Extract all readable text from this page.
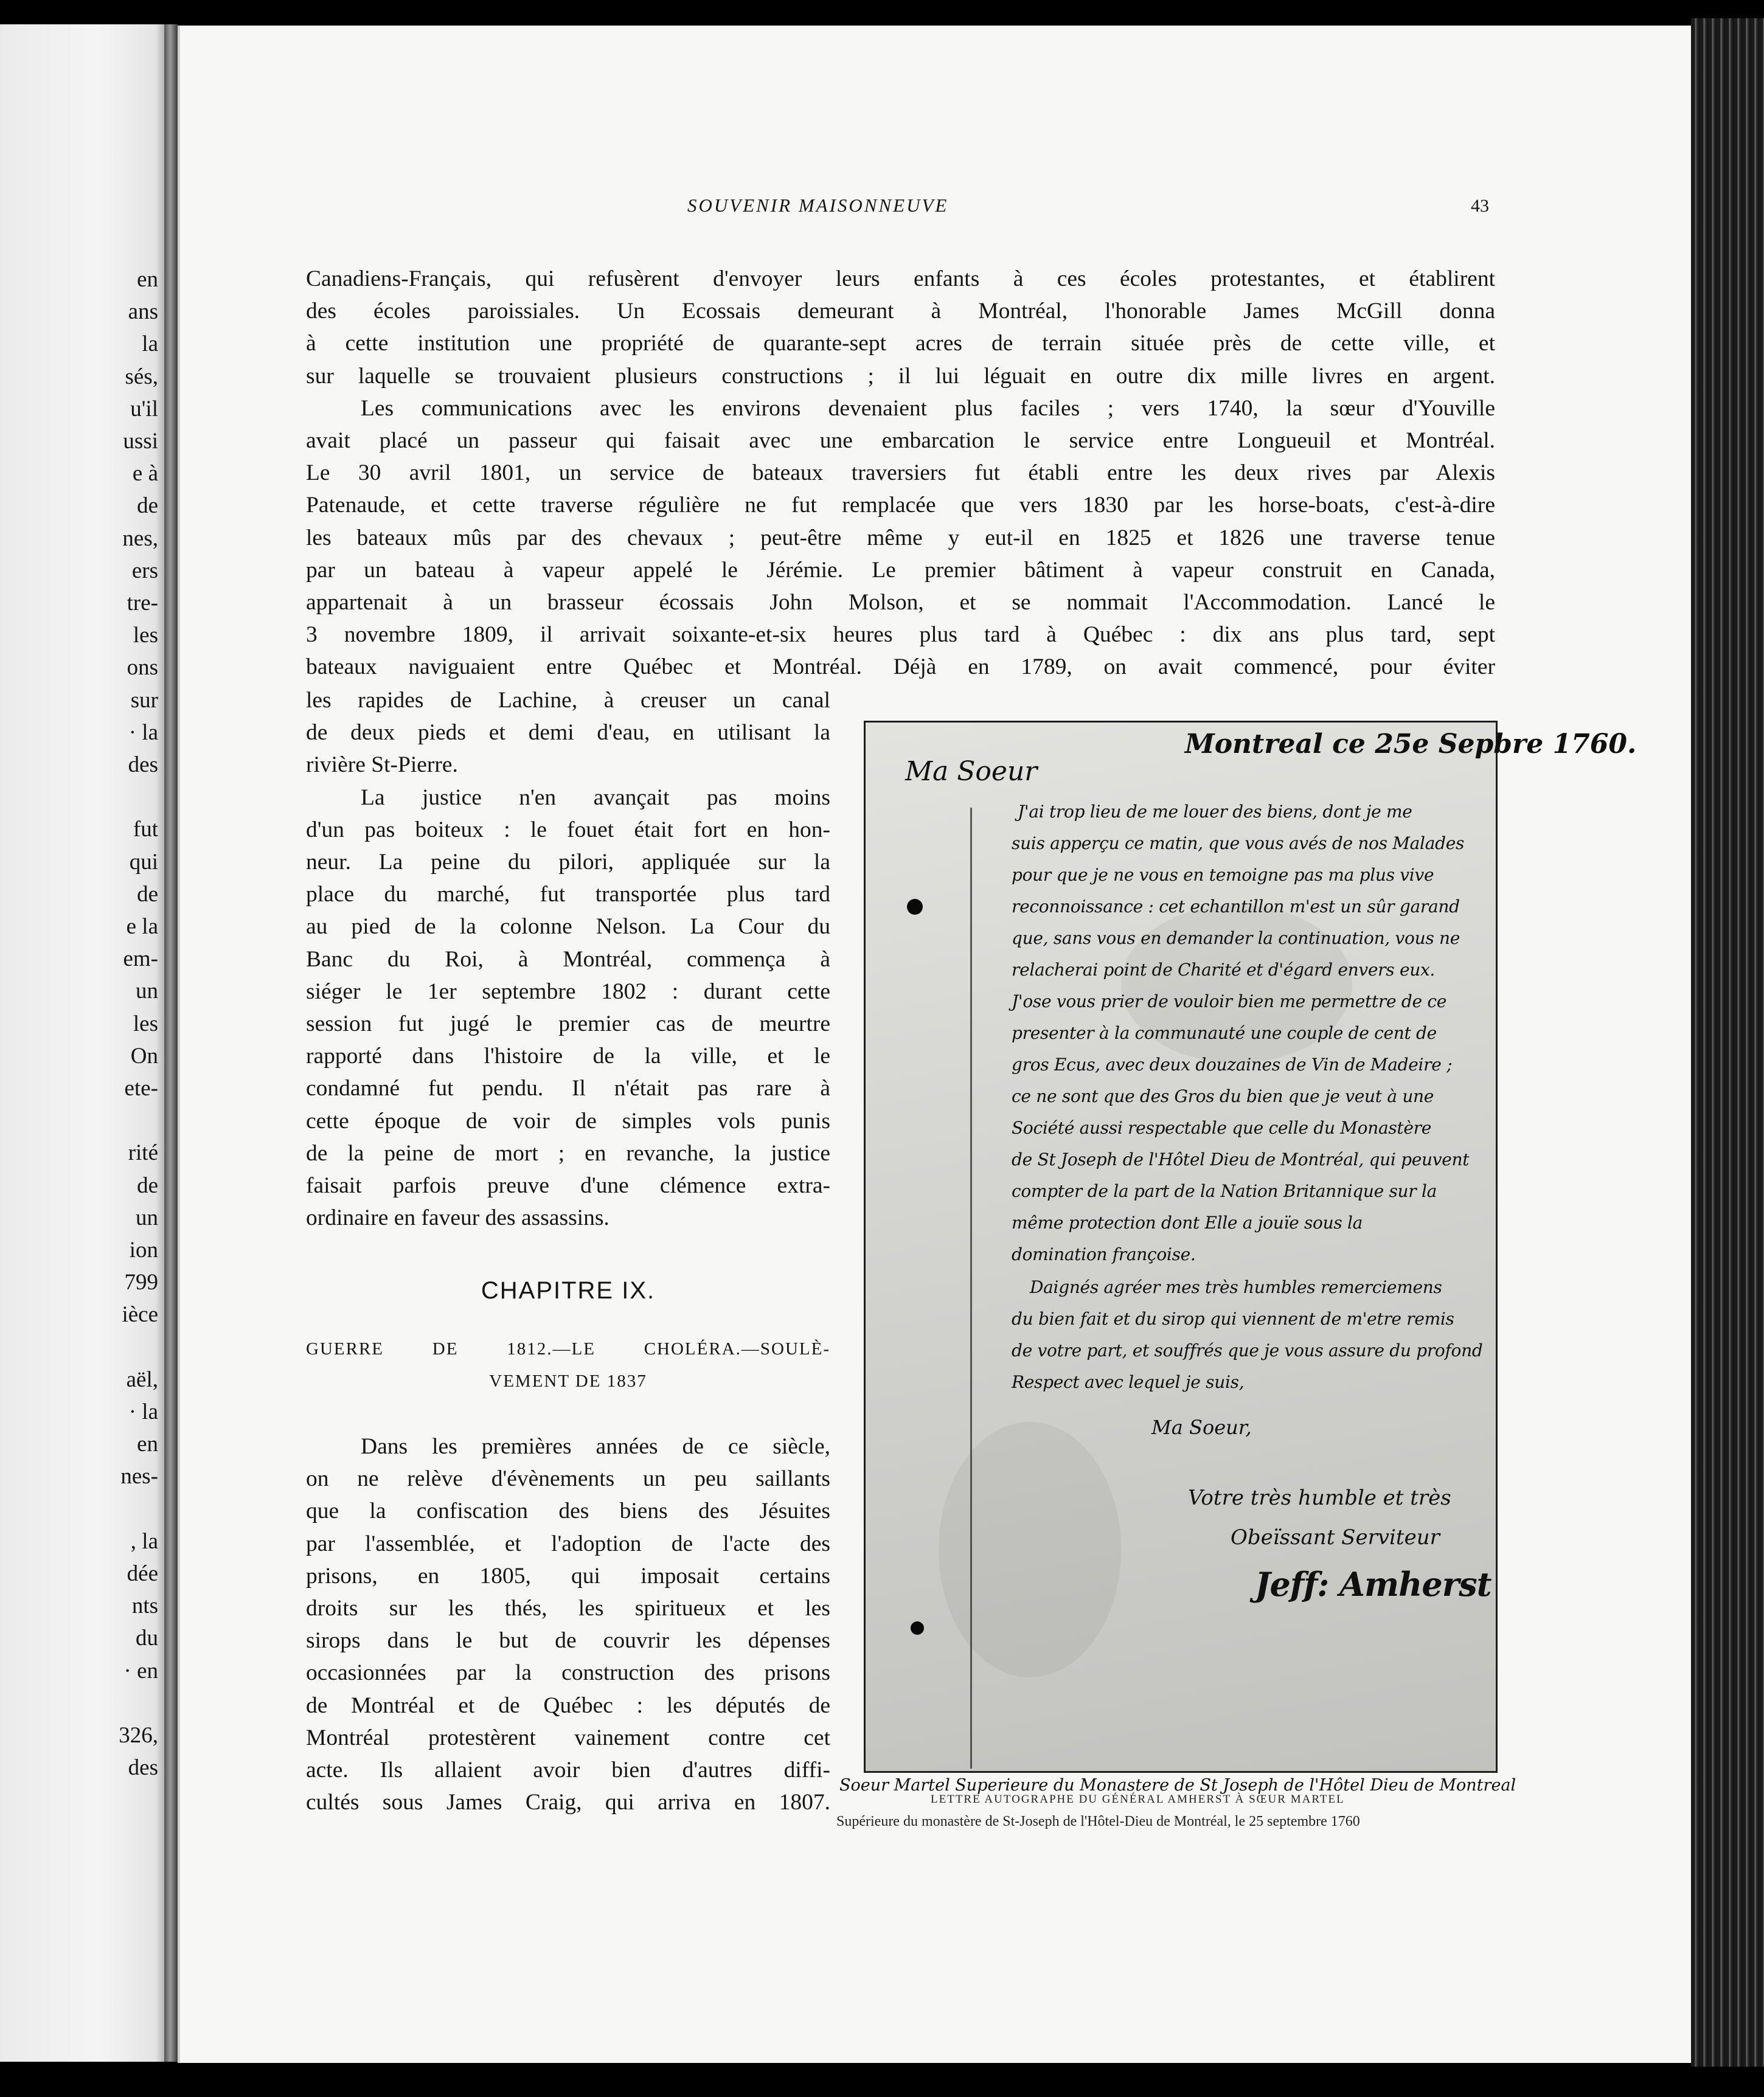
en
ans
la
sés,
u'il
ussi
e à
de
nes,
ers
tre-
les
ons
sur
· la
des
fut
qui
de
e la
em-
un
les
On
ete-
rité
de
un
ion
799
ièce
aël,
· la
en
nes-
, la
dée
nts
du
· en
326,
des
SOUVENIR MAISONNEUVE	43
Canadiens-Français, qui refusèrent d'envoyer leurs enfants à ces écoles protestantes, et établirent
des écoles paroissiales. Un Ecossais demeurant à Montréal, l'honorable James McGill donna
à cette institution une propriété de quarante-sept acres de terrain située près de cette ville, et
sur laquelle se trouvaient plusieurs constructions ; il lui léguait en outre dix mille livres en argent.
Les communications avec les environs devenaient plus faciles ; vers 1740, la sœur d'Youville
avait placé un passeur qui faisait avec une embarcation le service entre Longueuil et Montréal.
Le 30 avril 1801, un service de bateaux traversiers fut établi entre les deux rives par Alexis
Patenaude, et cette traverse régulière ne fut remplacée que vers 1830 par les horse-boats, c'est-à-dire
les bateaux mûs par des chevaux ; peut-être même y eut-il en 1825 et 1826 une traverse tenue
par un bateau à vapeur appelé le Jérémie. Le premier bâtiment à vapeur construit en Canada,
appartenait à un brasseur écossais John Molson, et se nommait l'Accommodation. Lancé le
3 novembre 1809, il arrivait soixante-et-six heures plus tard à Québec : dix ans plus tard, sept
bateaux naviguaient entre Québec et Montréal. Déjà en 1789, on avait commencé, pour éviter
les rapides de Lachine, à creuser un canal
de deux pieds et demi d'eau, en utilisant la
rivière St-Pierre.
La justice n'en avançait pas moins
d'un pas boiteux : le fouet était fort en hon-
neur. La peine du pilori, appliquée sur la
place du marché, fut transportée plus tard
au pied de la colonne Nelson. La Cour du
Banc du Roi, à Montréal, commença à
siéger le 1er septembre 1802 : durant cette
session fut jugé le premier cas de meurtre
rapporté dans l'histoire de la ville, et le
condamné fut pendu. Il n'était pas rare à
cette époque de voir de simples vols punis
de la peine de mort ; en revanche, la justice
faisait parfois preuve d'une clémence extra-
ordinaire en faveur des assassins.
CHAPITRE IX.
GUERRE DE 1812.—LE CHOLÉRA.—SOULÈ-
VEMENT DE 1837
Dans les premières années de ce siècle,
on ne relève d'évènements un peu saillants
que la confiscation des biens des Jésuites
par l'assemblée, et l'adoption de l'acte des
prisons, en 1805, qui imposait certains
droits sur les thés, les spiritueux et les
sirops dans le but de couvrir les dépenses
occasionnées par la construction des prisons
de Montréal et de Québec : les députés de
Montréal protestèrent vainement contre cet
acte. Ils allaient avoir bien d'autres diffi-
cultés sous James Craig, qui arriva en 1807.
Montreal ce 25e Sepbre 1760.
Ma Soeur
J'ai trop lieu de me louer des biens, dont je me
suis apperçu ce matin, que vous avés de nos Malades
pour que je ne vous en temoigne pas ma plus vive
reconnoissance : cet echantillon m'est un sûr garand
que, sans vous en demander la continuation, vous ne
relacherai point de Charité et d'égard envers eux.
J'ose vous prier de vouloir bien me permettre de ce
presenter à la communauté une couple de cent de
gros Ecus, avec deux douzaines de Vin de Madeire ;
ce ne sont que des Gros du bien que je veut à une
Société aussi respectable que celle du Monastère
de St Joseph de l'Hôtel Dieu de Montréal, qui peuvent
compter de la part de la Nation Britannique sur la
même protection dont Elle a jouïe sous la
domination françoise.
Daignés agréer mes très humbles remerciemens
du bien fait et du sirop qui viennent de m'etre remis
de votre part, et souffrés que je vous assure du profond
Respect avec lequel je suis,
Ma Soeur,
Votre très humble et très
Obeïssant Serviteur
Jeff: Amherst
Soeur Martel Superieure du Monastere de St Joseph de l'Hôtel Dieu de Montreal
LETTRE AUTOGRAPHE DU GÉNÉRAL AMHERST À SŒUR MARTEL
Supérieure du monastère de St-Joseph de l'Hôtel-Dieu de Montréal, le 25 septembre 1760
